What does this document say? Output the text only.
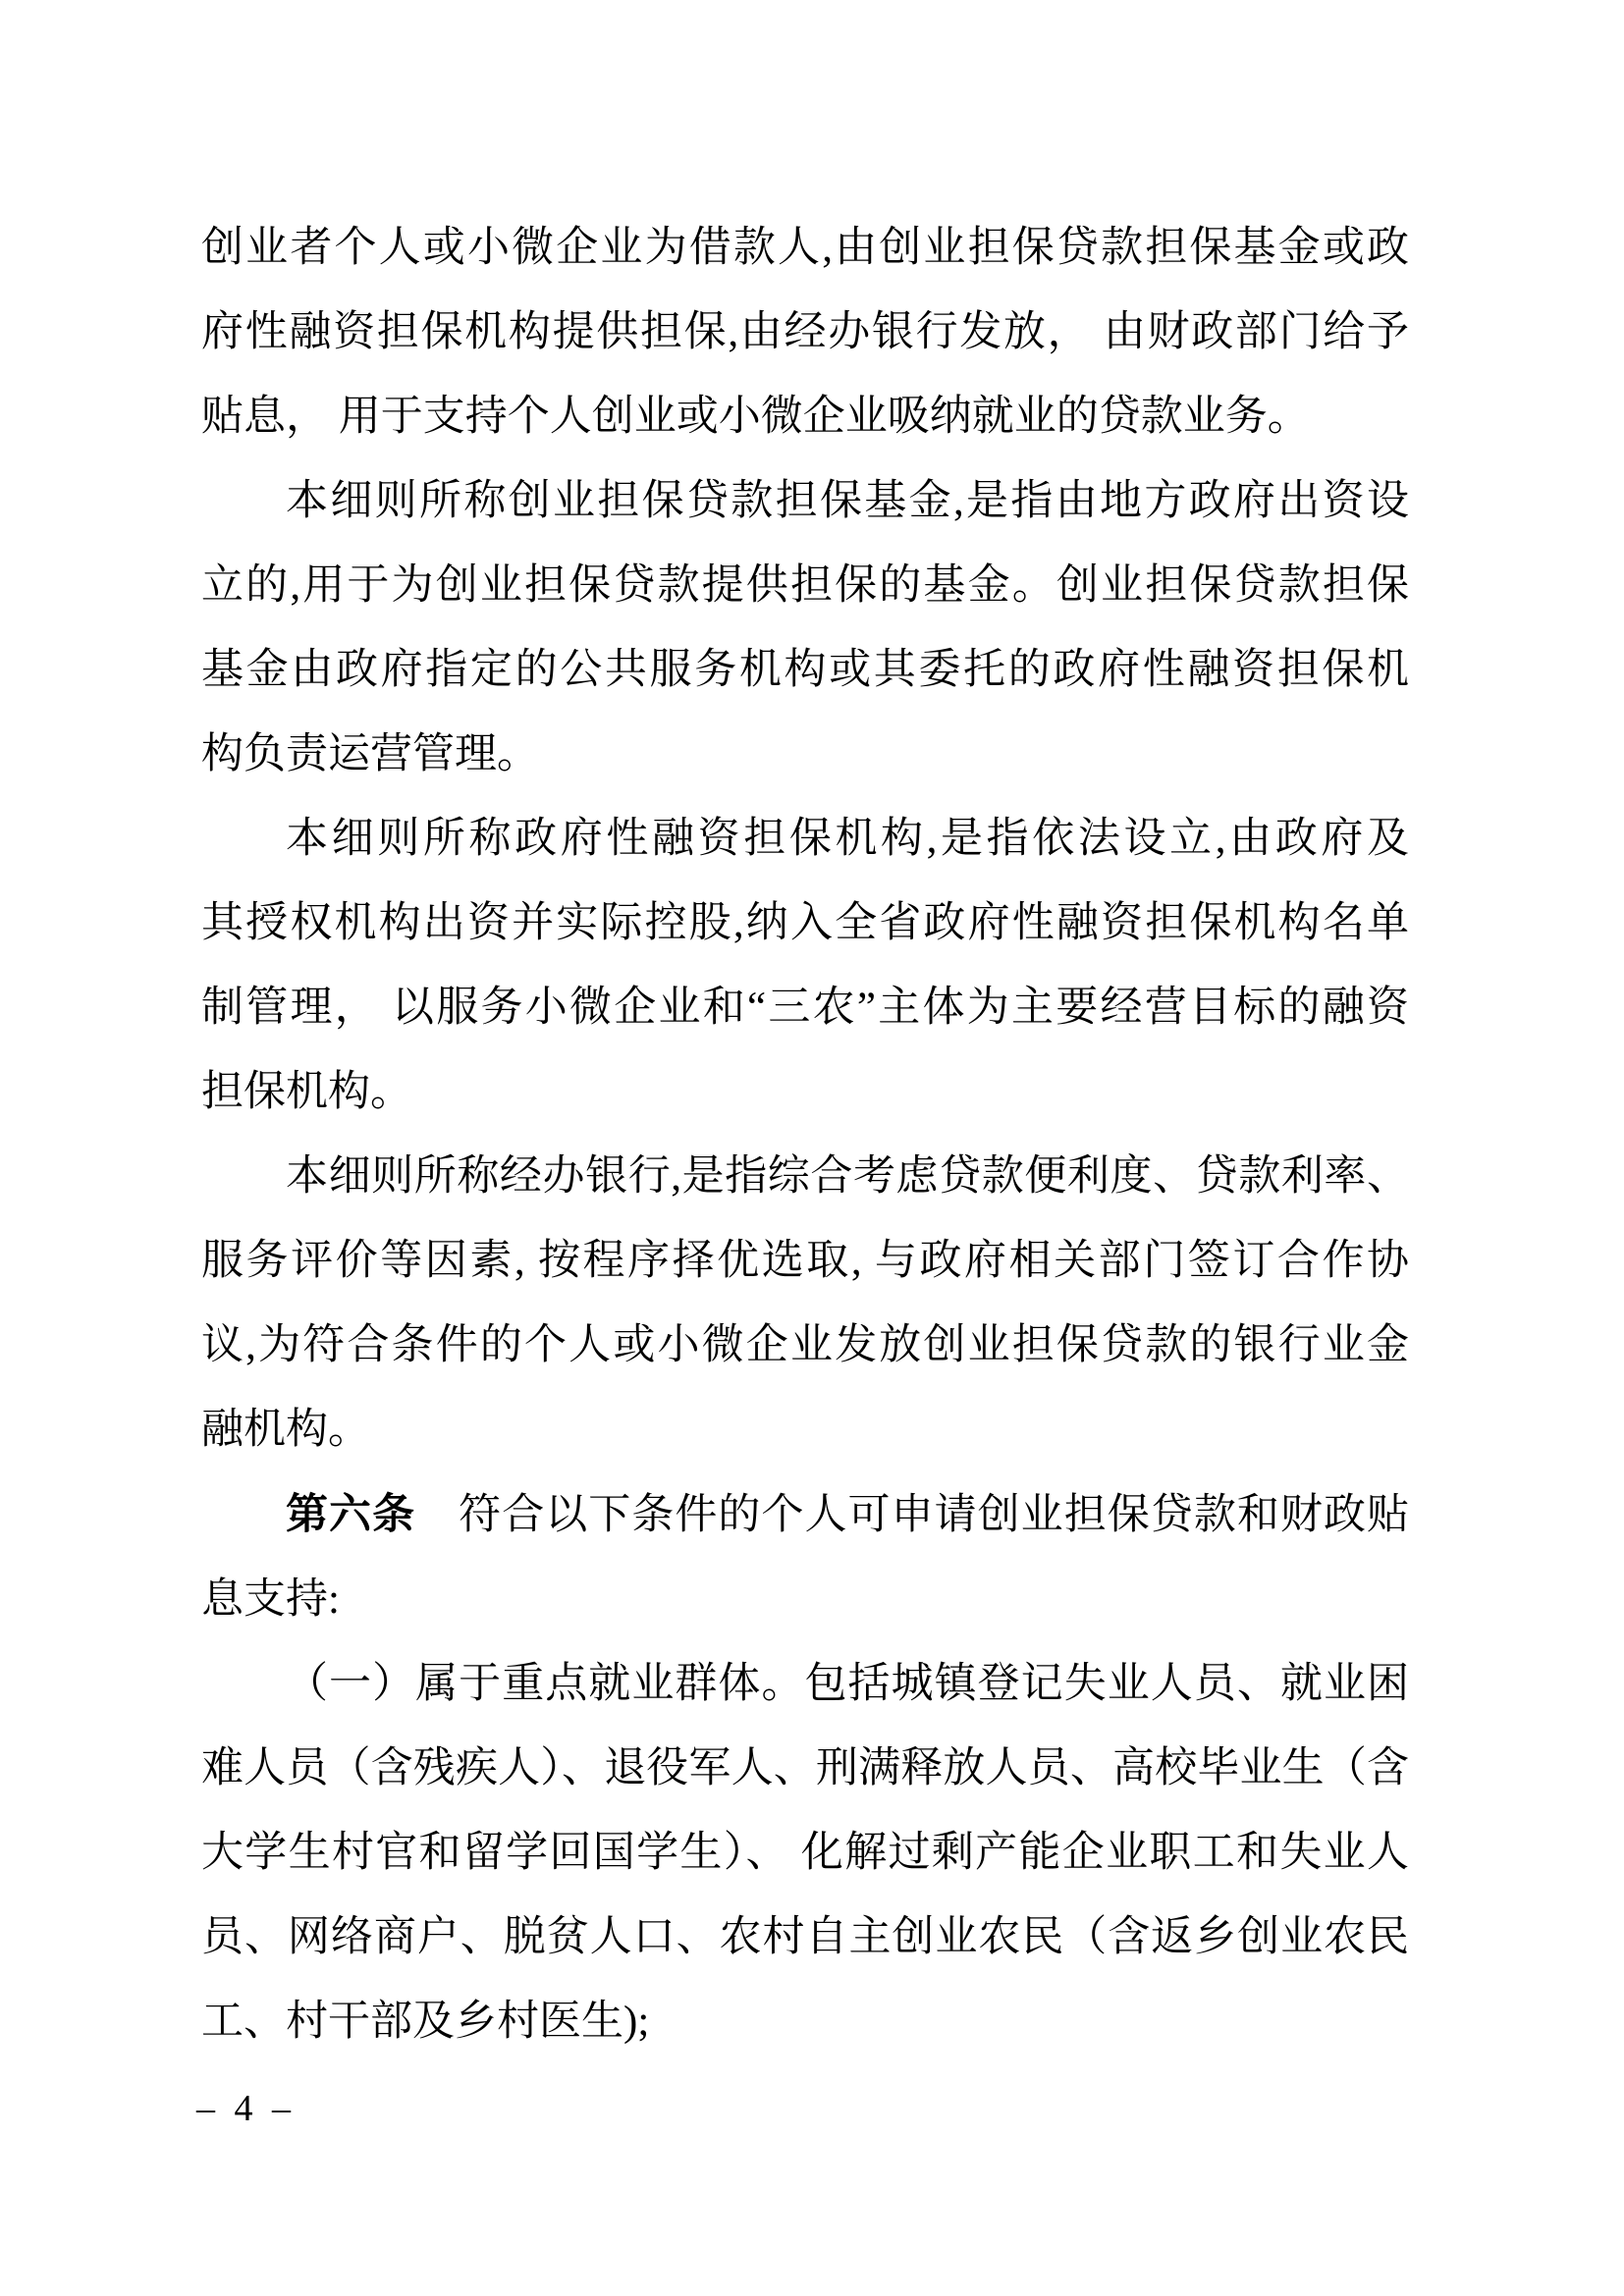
创业者个人或小微企业为借款人,由创业担保贷款担保基金或政
府性融资担保机构提供担保,由经办银行发放， 由财政部门给予
贴息， 用于支持个人创业或小微企业吸纳就业的贷款业务。
本细则所称创业担保贷款担保基金,是指由地方政府出资设
立的,用于为创业担保贷款提供担保的基金。创业担保贷款担保
基金由政府指定的公共服务机构或其委托的政府性融资担保机
构负责运营管理。
本细则所称政府性融资担保机构,是指依法设立,由政府及
其授权机构出资并实际控股,纳入全省政府性融资担保机构名单
制管理， 以服务小微企业和“三农”主体为主要经营目标的融资
担保机构。
本细则所称经办银行,是指综合考虑贷款便利度、贷款利率、
服务评价等因素, 按程序择优选取, 与政府相关部门签订合作协
议,为符合条件的个人或小微企业发放创业担保贷款的银行业金
融机构。
第六条　符合以下条件的个人可申请创业担保贷款和财政贴
息支持:
（一）属于重点就业群体。包括城镇登记失业人员、就业困
难人员（含残疾人）、退役军人、刑满释放人员、高校毕业生（含
大学生村官和留学回国学生）、 化解过剩产能企业职工和失业人
员、网络商户、脱贫人口、农村自主创业农民（含返乡创业农民
工、村干部及乡村医生);
– 4 –
